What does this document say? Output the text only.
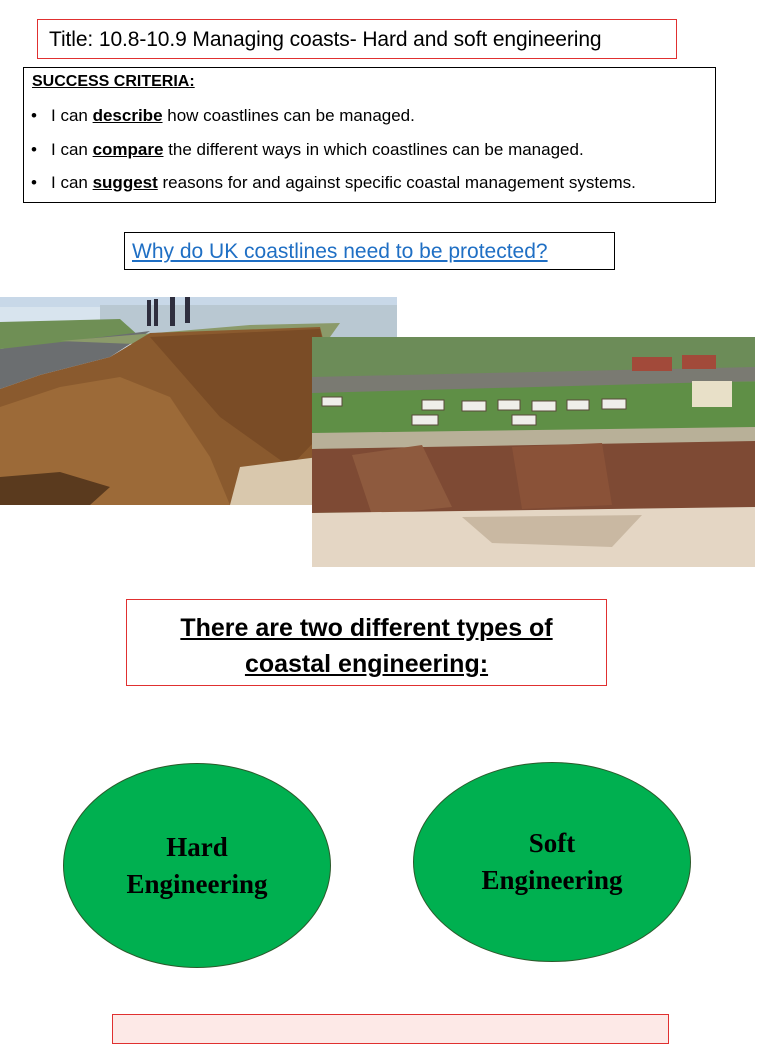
Title: 10.8-10.9 Managing coasts- Hard and soft engineering
SUCCESS CRITERIA:
• I can describe how coastlines can be managed.
• I can compare the different ways in which coastlines can be managed.
• I can suggest reasons for and against specific coastal management systems.
Why do UK coastlines need to be protected?
There are two different types of
coastal engineering:
Hard
Engineering
Soft
Engineering
